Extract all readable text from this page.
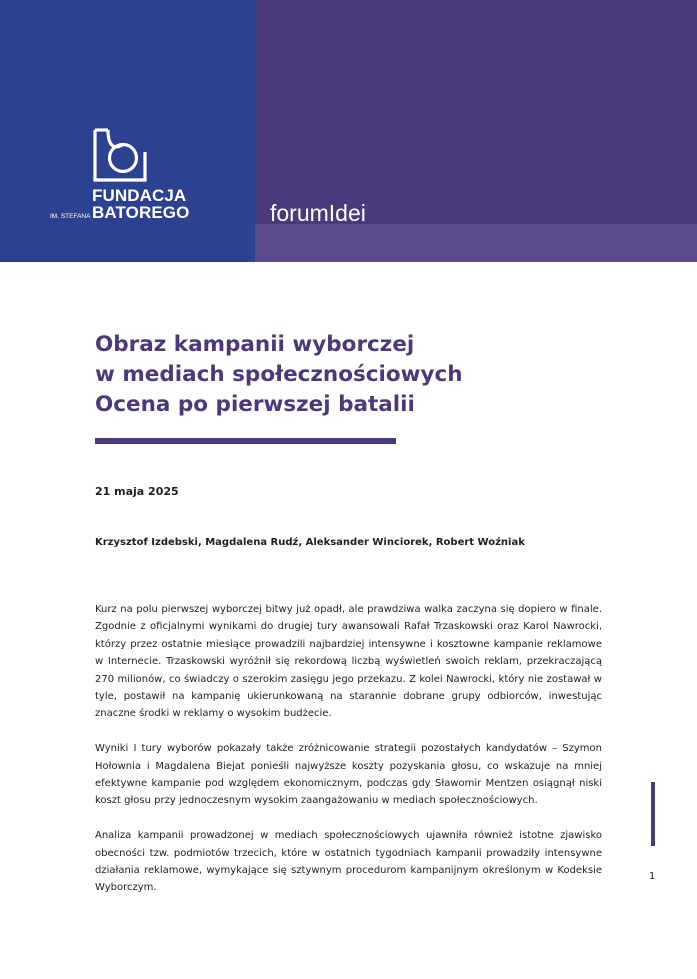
FUNDACJA
BATOREGO
IM. STEFANA	forumIdei
Obraz kampanii wyborczej
w mediach społecznościowych
Ocena po pierwszej batalii
21 maja 2025
Krzysztof Izdebski, Magdalena Rudź, Aleksander Winciorek, Robert Woźniak

Kurz na polu pierwszej wyborczej bitwy już opadł, ale prawdziwa walka zaczyna się dopiero w finale. Zgodnie z oficjalnymi wynikami do drugiej tury awansowali Rafał Trzaskowski oraz Karol Nawrocki, którzy przez ostatnie miesiące prowadzili najbardziej intensywne i kosztowne kampanie reklamowe w Internecie. Trzaskowski wyróżnił się rekordową liczbą wyświetleń swoich reklam, przekraczającą 270 milionów, co świadczy o szerokim zasięgu jego przekazu. Z kolei Nawrocki, który nie zostawał w tyle, postawił na kampanię ukierunkowaną na starannie dobrane grupy odbiorców, inwestując znaczne środki w reklamy o wysokim budżecie.

Wyniki I tury wyborów pokazały także zróżnicowanie strategii pozostałych kandydatów – Szymon Hołownia i Magdalena Biejat ponieśli najwyższe koszty pozyskania głosu, co wskazuje na mniej efektywne kampanie pod względem ekonomicznym, podczas gdy Sławomir Mentzen osiągnął niski koszt głosu przy jednoczesnym wysokim zaangażowaniu w mediach społecznościowych.

Analiza kampanii prowadzonej w mediach społecznościowych ujawniła również istotne zjawisko obecności tzw. podmiotów trzecich, które w ostatnich tygodniach kampanii prowadziły intensywne działania reklamowe, wymykające się sztywnym procedurom kampanijnym określonym w Kodeksie Wyborczym.

1
